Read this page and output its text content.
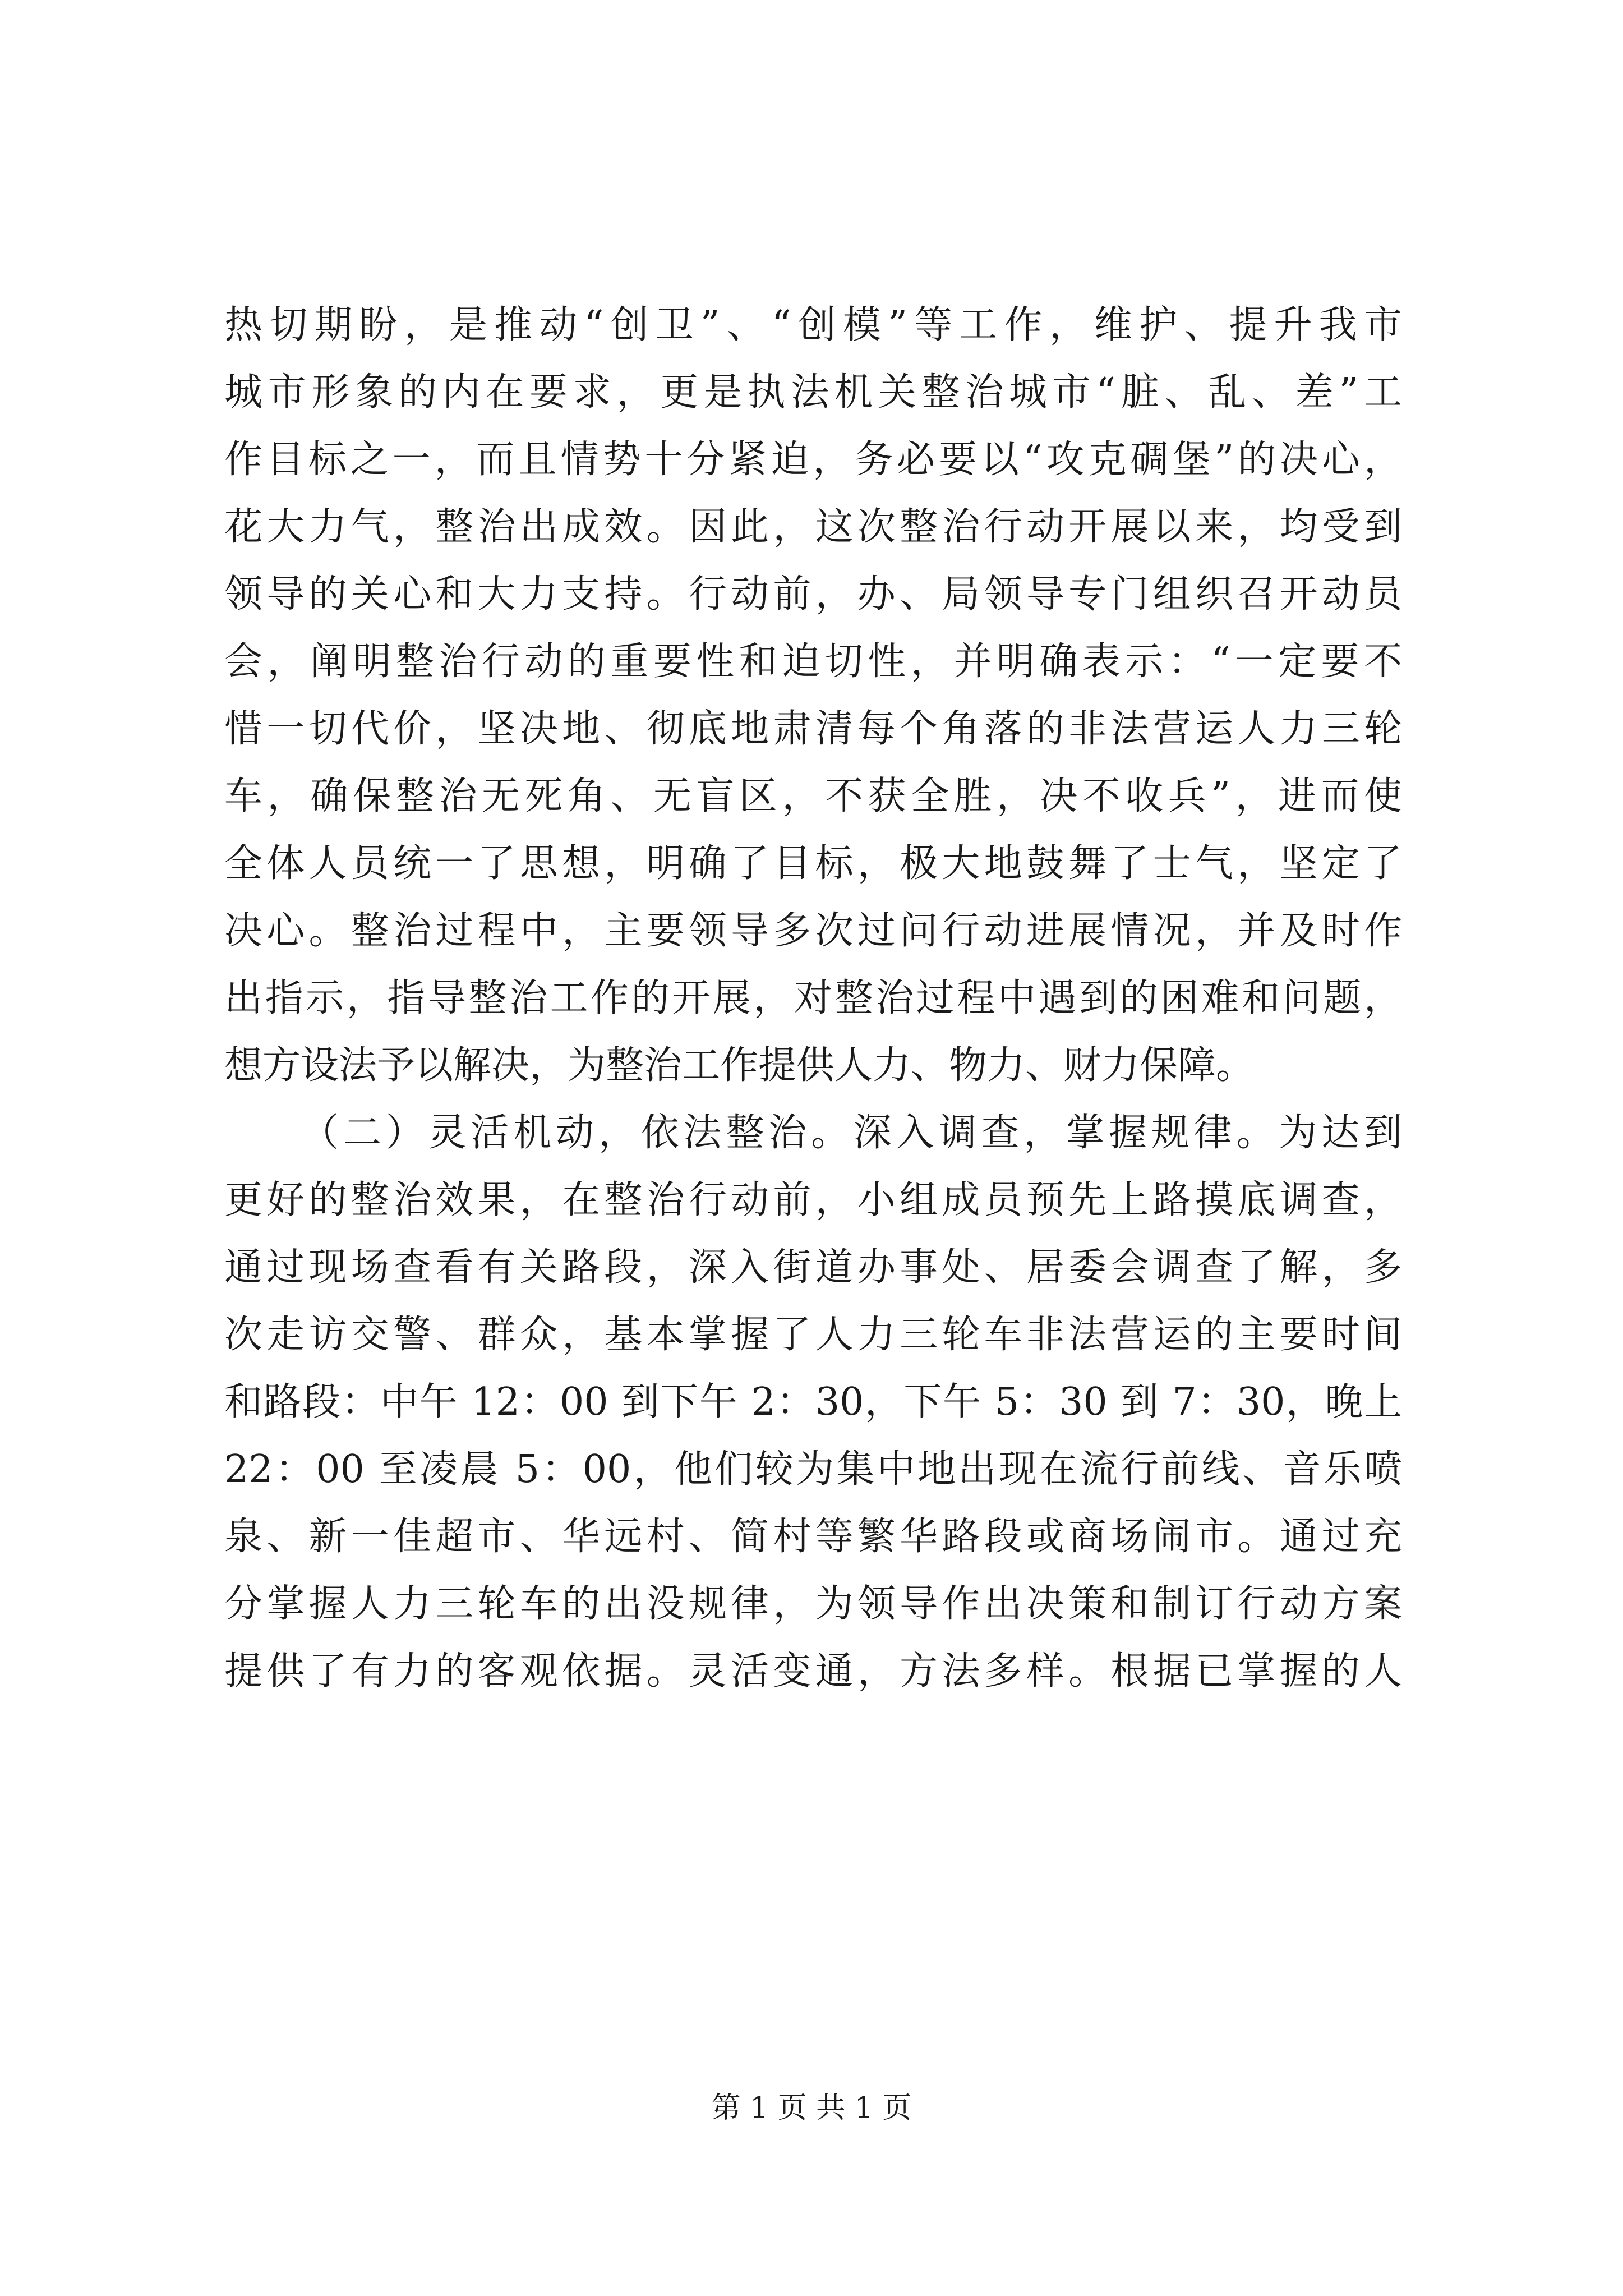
热切期盼，是推动“创卫”、“创模”等工作，维护、提升我市
城市形象的内在要求，更是执法机关整治城市“脏、乱、差”工
作目标之一，而且情势十分紧迫，务必要以“攻克碉堡”的决心，
花大力气，整治出成效。因此，这次整治行动开展以来，均受到
领导的关心和大力支持。行动前，办、局领导专门组织召开动员
会，阐明整治行动的重要性和迫切性，并明确表示：“一定要不
惜一切代价，坚决地、彻底地肃清每个角落的非法营运人力三轮
车，确保整治无死角、无盲区，不获全胜，决不收兵”，进而使
全体人员统一了思想，明确了目标，极大地鼓舞了士气，坚定了
决心。整治过程中，主要领导多次过问行动进展情况，并及时作
出指示，指导整治工作的开展，对整治过程中遇到的困难和问题，
想方设法予以解决，为整治工作提供人力、物力、财力保障。
（二）灵活机动，依法整治。深入调查，掌握规律。为达到
更好的整治效果，在整治行动前，小组成员预先上路摸底调查，
通过现场查看有关路段，深入街道办事处、居委会调查了解，多
次走访交警、群众，基本掌握了人力三轮车非法营运的主要时间
和路段：中午 12：00 到下午 2：30，下午 5：30 到 7：30，晚上
22：00 至凌晨 5：00，他们较为集中地出现在流行前线、音乐喷
泉、新一佳超市、华远村、简村等繁华路段或商场闹市。通过充
分掌握人力三轮车的出没规律，为领导作出决策和制订行动方案
提供了有力的客观依据。灵活变通，方法多样。根据已掌握的人
第 1 页 共 1 页
